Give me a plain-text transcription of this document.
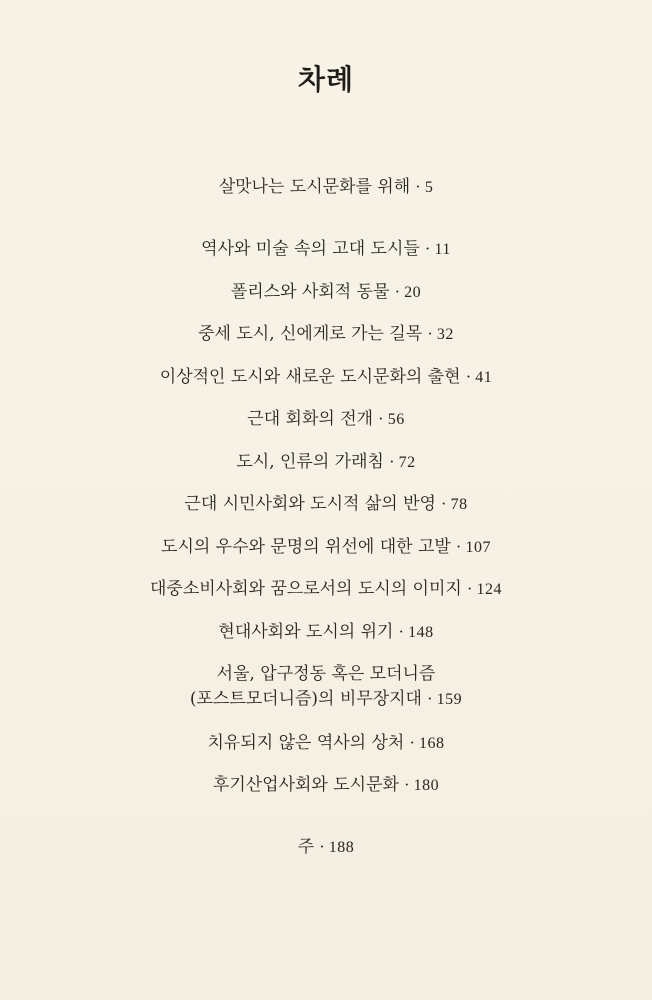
차례
살맛나는 도시문화를 위해 · 5
역사와 미술 속의 고대 도시들 · 11
폴리스와 사회적 동물 · 20
중세 도시, 신에게로 가는 길목 · 32
이상적인 도시와 새로운 도시문화의 출현 · 41
근대 회화의 전개 · 56
도시, 인류의 가래침 · 72
근대 시민사회와 도시적 삶의 반영 · 78
도시의 우수와 문명의 위선에 대한 고발 · 107
대중소비사회와 꿈으로서의 도시의 이미지 · 124
현대사회와 도시의 위기 · 148
서울, 압구정동 혹은 모더니즘
(포스트모더니즘)의 비무장지대 · 159
치유되지 않은 역사의 상처 · 168
후기산업사회와 도시문화 · 180
주 · 188
